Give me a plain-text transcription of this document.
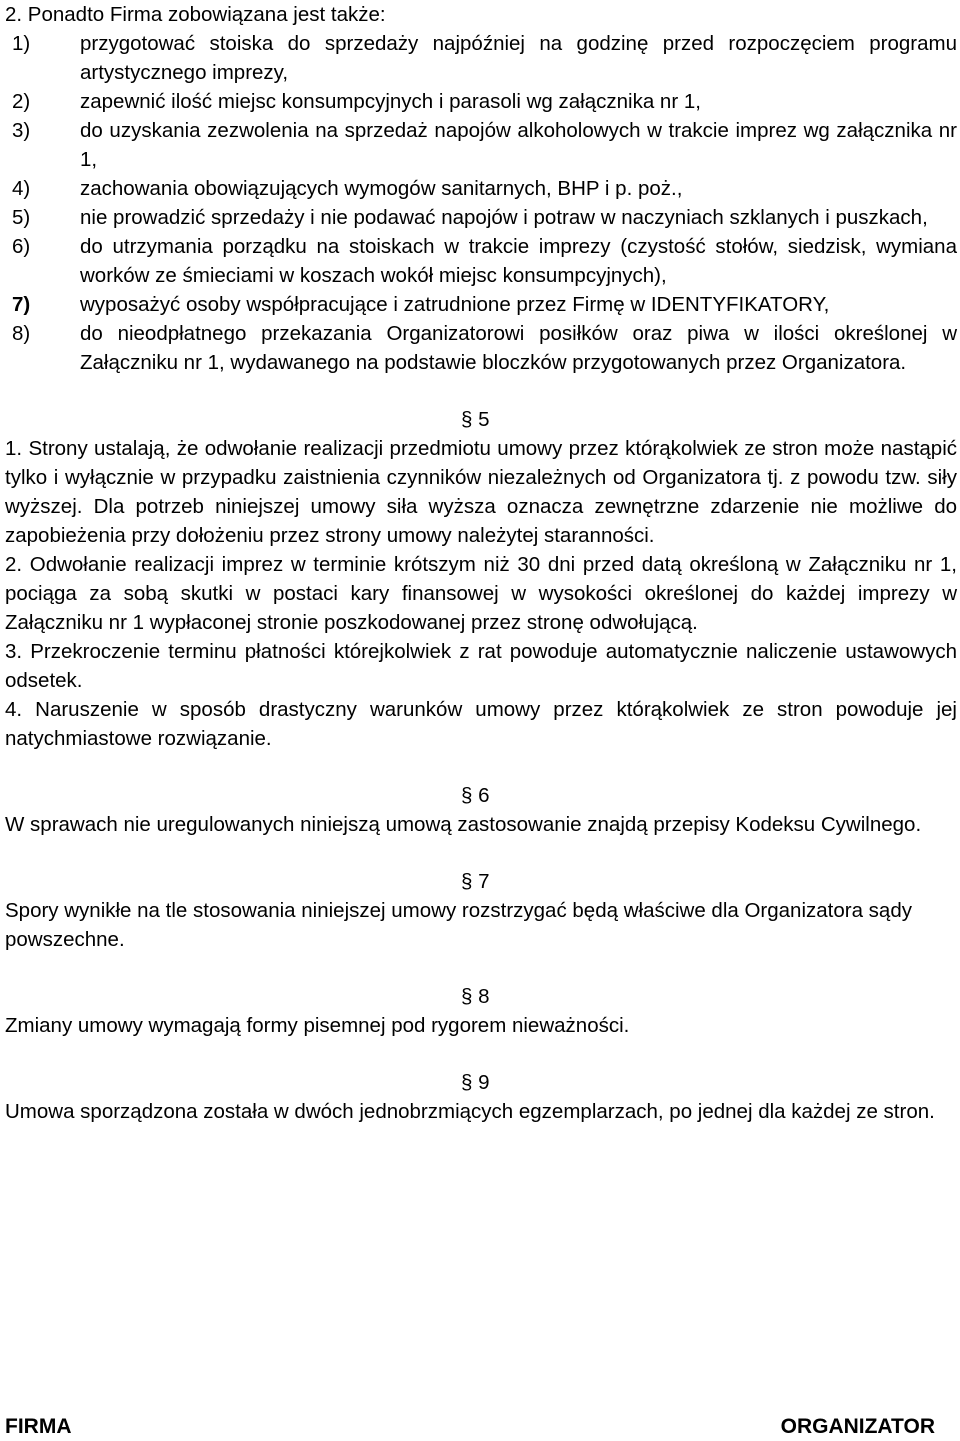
2. Ponadto Firma zobowiązana jest także:

1)	przygotować stoiska do sprzedaży najpóźniej na godzinę przed rozpoczęciem programu artystycznego imprezy,
2)	zapewnić ilość miejsc konsumpcyjnych i parasoli wg załącznika nr 1,
3)	do uzyskania zezwolenia na sprzedaż napojów alkoholowych w trakcie imprez wg załącznika nr 1,
4)	zachowania obowiązujących wymogów sanitarnych, BHP i p. poż.,
5)	nie prowadzić sprzedaży i nie podawać napojów i potraw w naczyniach szklanych i puszkach,
6)	do utrzymania porządku na stoiskach w trakcie imprezy (czystość stołów, siedzisk, wymiana worków ze śmieciami w koszach wokół miejsc konsumpcyjnych),
7)	wyposażyć osoby współpracujące i zatrudnione przez Firmę w IDENTYFIKATORY,
8)	do nieodpłatnego przekazania Organizatorowi posiłków oraz piwa w ilości określonej w Załączniku nr 1, wydawanego na podstawie bloczków przygotowanych przez Organizatora.

§ 5

1. Strony ustalają, że odwołanie realizacji przedmiotu umowy przez którąkolwiek ze stron może nastąpić tylko i wyłącznie w przypadku zaistnienia czynników niezależnych od Organizatora tj. z powodu tzw. siły wyższej. Dla potrzeb niniejszej umowy siła wyższa oznacza zewnętrzne zdarzenie nie możliwe do zapobieżenia przy dołożeniu przez strony umowy należytej staranności.

2. Odwołanie realizacji imprez w terminie krótszym niż 30 dni przed datą określoną w Załączniku nr 1, pociąga za sobą skutki w postaci kary finansowej w wysokości określonej do każdej imprezy w Załączniku nr 1 wypłaconej stronie poszkodowanej przez stronę odwołującą.

3. Przekroczenie terminu płatności którejkolwiek z rat powoduje automatycznie naliczenie ustawowych odsetek.

4. Naruszenie w sposób drastyczny warunków umowy przez którąkolwiek ze stron powoduje jej natychmiastowe rozwiązanie.

§ 6

W sprawach nie uregulowanych niniejszą umową zastosowanie znajdą przepisy Kodeksu Cywilnego.

§ 7

Spory wynikłe na tle stosowania niniejszej umowy rozstrzygać będą właściwe dla Organizatora sądy powszechne.

§ 8

Zmiany umowy wymagają formy pisemnej pod rygorem nieważności.

§ 9

Umowa sporządzona została w dwóch jednobrzmiących egzemplarzach, po jednej dla każdej ze stron.

FIRMA	ORGANIZATOR
